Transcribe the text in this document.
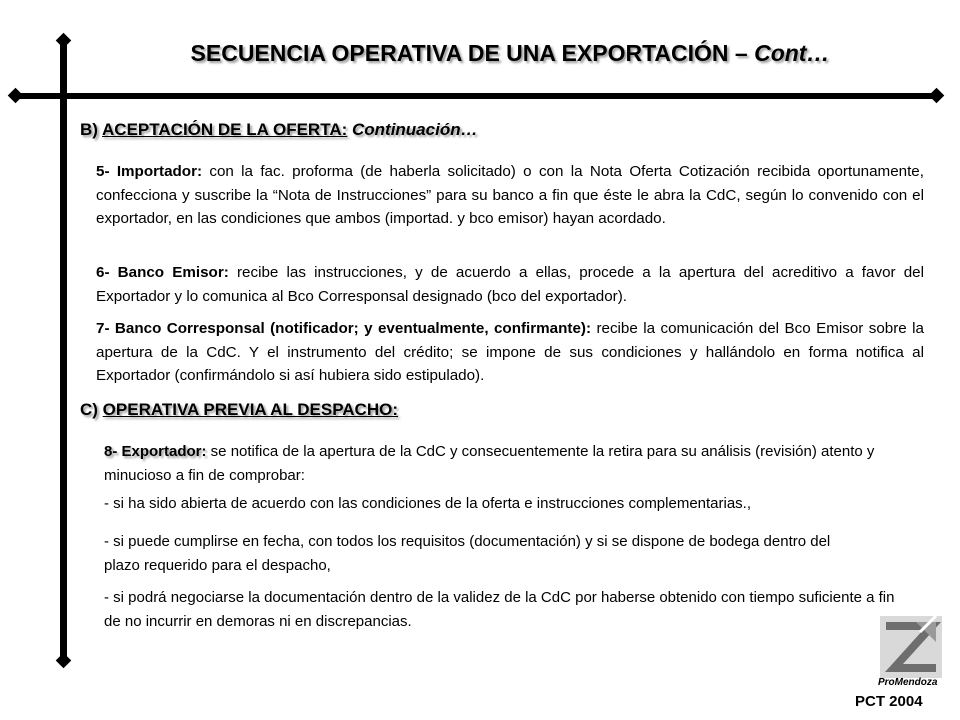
SECUENCIA OPERATIVA DE UNA EXPORTACIÓN – Cont…
B) ACEPTACIÓN DE LA OFERTA: Continuación…
5- Importador: con la fac. proforma (de haberla solicitado) o con la Nota Oferta Cotización recibida oportunamente, confecciona y suscribe la “Nota de Instrucciones” para su banco a fin que éste le abra la CdC, según lo convenido con el exportador, en las condiciones que ambos (importad. y bco emisor) hayan acordado.
6- Banco Emisor: recibe las instrucciones, y de acuerdo a ellas, procede a la apertura del acreditivo a favor del Exportador y lo comunica al Bco Corresponsal designado (bco del exportador).
7- Banco Corresponsal (notificador; y eventualmente, confirmante): recibe la comunicación del Bco Emisor sobre la apertura de la CdC. Y el instrumento del crédito; se impone de sus condiciones y hallándolo en forma notifica al Exportador (confirmándolo si así hubiera sido estipulado).
C) OPERATIVA PREVIA AL DESPACHO:
8- Exportador: se notifica de la apertura de la CdC y consecuentemente la retira para su análisis (revisión) atento y minucioso a fin de comprobar:
- si ha sido abierta de acuerdo con las condiciones de la oferta e instrucciones complementarias.,
- si puede cumplirse en fecha, con todos los requisitos (documentación) y si se dispone de bodega dentro del plazo requerido para el despacho,
- si podrá negociarse la documentación dentro de la validez de la CdC por haberse obtenido con tiempo suficiente a fin de no incurrir en demoras ni en discrepancias.
ProMendoza
PCT 2004
